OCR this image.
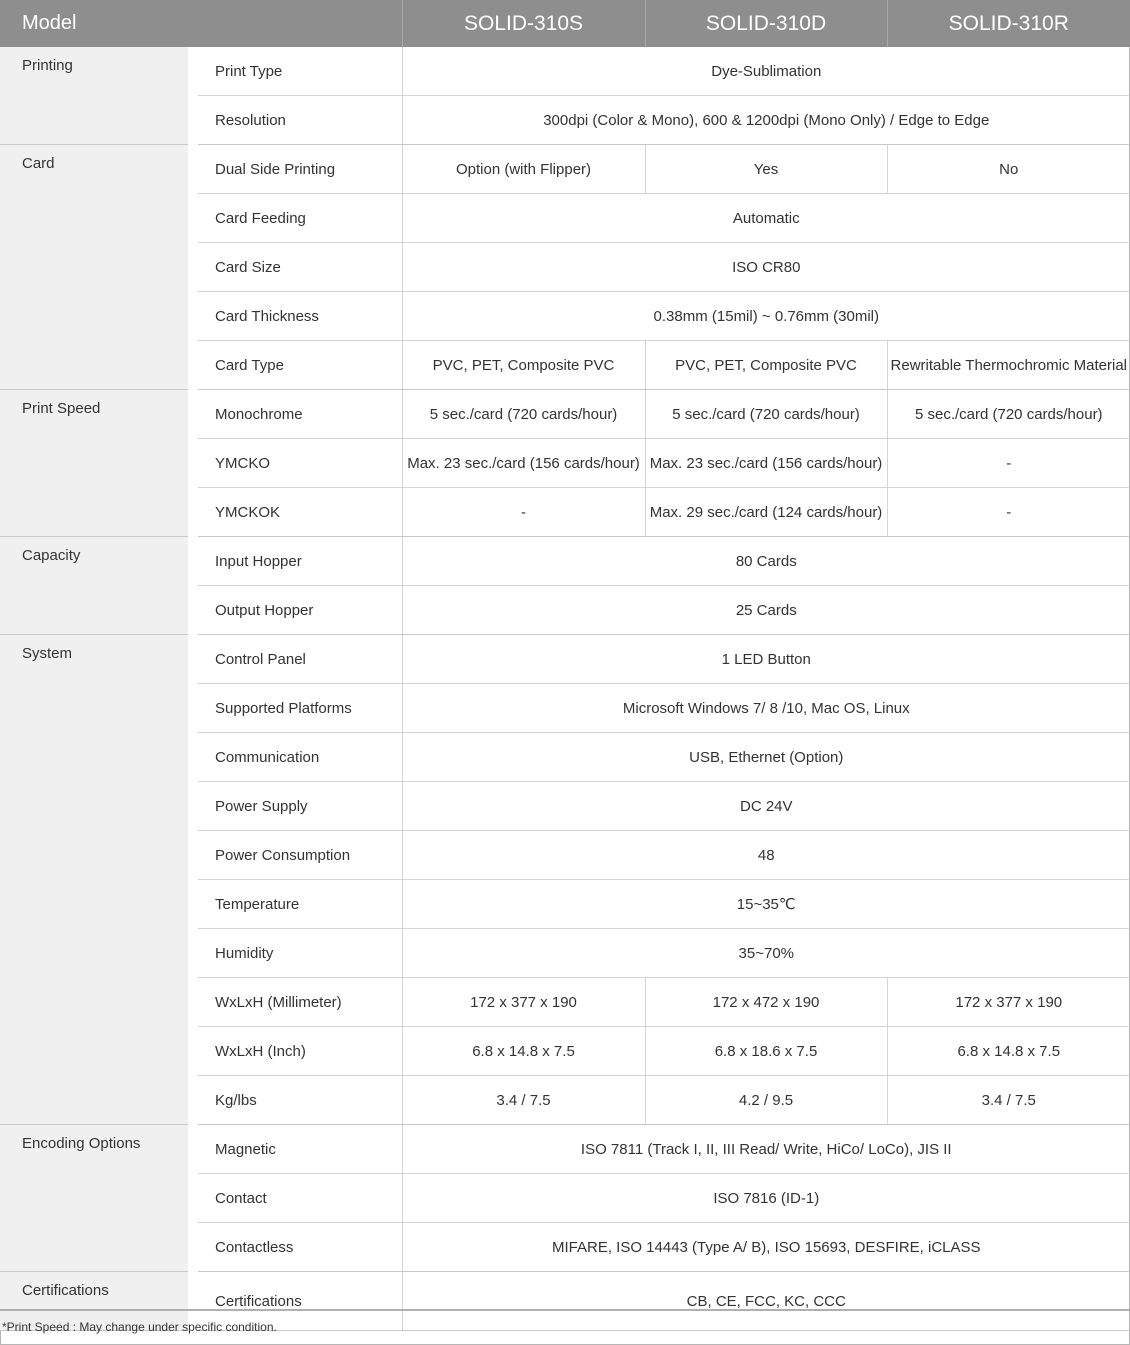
Model		SOLID-310S	SOLID-310D	SOLID-310R
Printing	Print Type	Dye-Sublimation		
	Resolution	300dpi (Color & Mono), 600 & 1200dpi (Mono Only) / Edge to Edge		
Card	Dual Side Printing	Option (with Flipper)	Yes	No
	Card Feeding	Automatic		
	Card Size	ISO CR80		
	Card Thickness	0.38mm (15mil) ~ 0.76mm (30mil)		
	Card Type	PVC, PET, Composite PVC	PVC, PET, Composite PVC	Rewritable Thermochromic Material
Print Speed	Monochrome	5 sec./card (720 cards/hour)	5 sec./card (720 cards/hour)	5 sec./card (720 cards/hour)
	YMCKO	Max. 23 sec./card (156 cards/hour)	Max. 23 sec./card (156 cards/hour)	-
	YMCKOK	-	Max. 29 sec./card (124 cards/hour)	-
Capacity	Input Hopper	80 Cards		
	Output Hopper	25 Cards		
System	Control Panel	1 LED Button		
	Supported Platforms	Microsoft Windows 7/ 8 /10, Mac OS, Linux		
	Communication	USB, Ethernet (Option)		
	Power Supply	DC 24V		
	Power Consumption	48		
	Temperature	15~35℃		
	Humidity	35~70%		
	WxLxH (Millimeter)	172 x 377 x 190	172 x 472 x 190	172 x 377 x 190
	WxLxH (Inch)	6.8 x 14.8 x 7.5	6.8 x 18.6 x 7.5	6.8 x 14.8 x 7.5
	Kg/lbs	3.4 / 7.5	4.2 / 9.5	3.4 / 7.5
Encoding Options	Magnetic	ISO 7811 (Track I, II, III Read/ Write, HiCo/ LoCo), JIS II		
	Contact	ISO 7816 (ID-1)		
	Contactless	MIFARE, ISO 14443 (Type A/ B), ISO 15693, DESFIRE, iCLASS		
Certifications	Certifications	CB, CE, FCC, KC, CCC		
*Print Speed : May change under specific condition.
